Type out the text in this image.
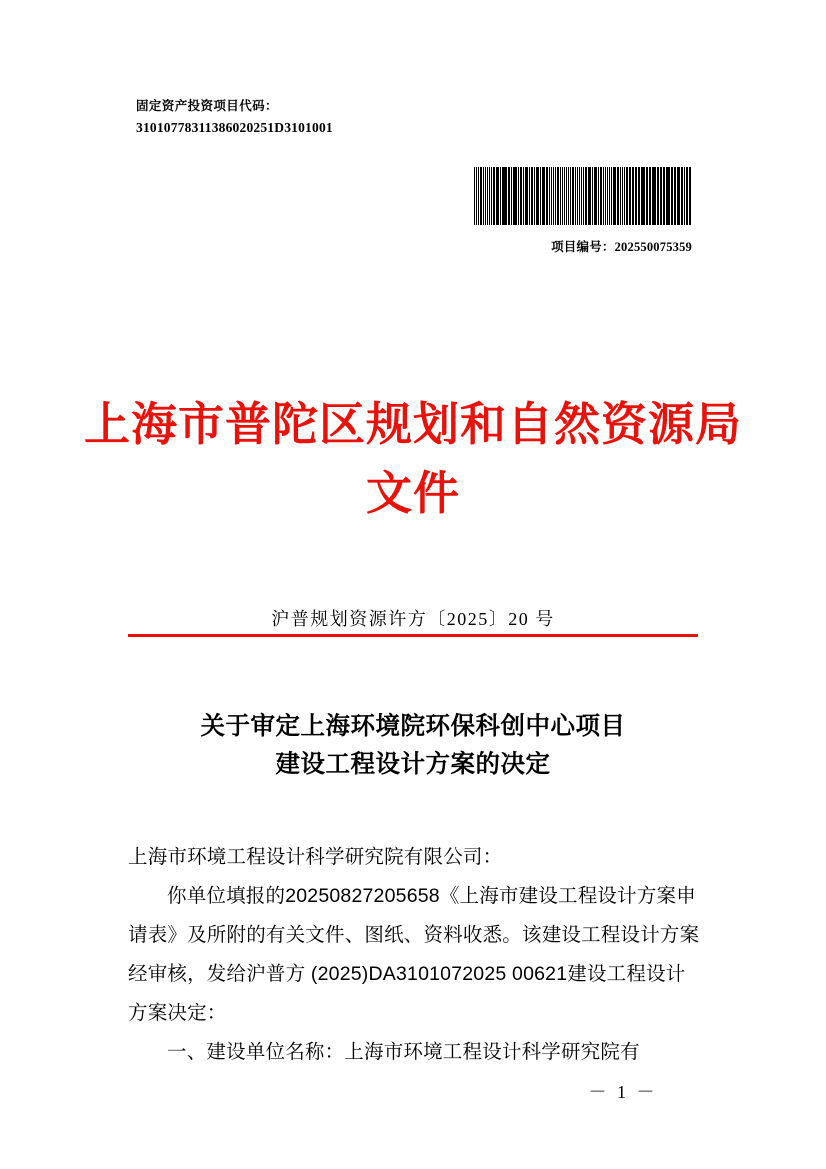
固定资产投资项目代码：
31010778311386020251D3101001
项目编号：202550075359
上海市普陀区规划和自然资源局
文件
沪普规划资源许方〔2025〕20 号
关于审定上海环境院环保科创中心项目
建设工程设计方案的决定

上海市环境工程设计科学研究院有限公司：

你单位填报的20250827205658《上海市建设工程设计方案申请表》及所附的有关文件、图纸、资料收悉。该建设工程设计方案经审核，发给沪普方 (2025)DA3101072025 00621建设工程设计方案决定：

一、建设单位名称：上海市环境工程设计科学研究院有

－ 1 －
